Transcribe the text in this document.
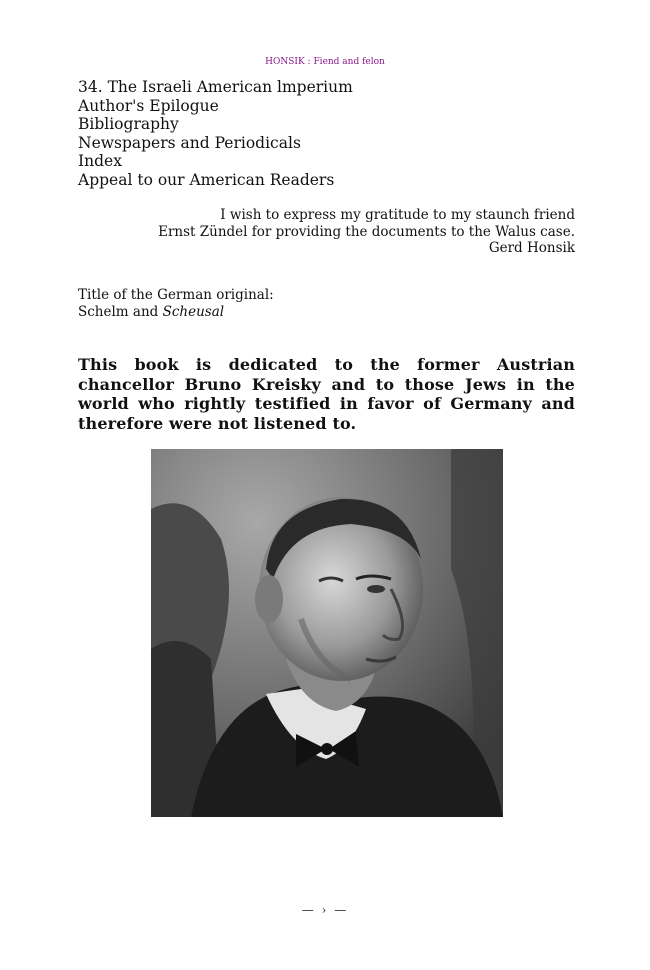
HONSIK : Fiend and felon
34. The Israeli American lmperium
Author's Epilogue
Bibliography
Newspapers and Periodicals
Index
Appeal to our American Readers
I wish to express my gratitude to my staunch friend
Ernst Zündel for providing the documents to the Walus case.
Gerd Honsik
Title of the German original:
Schelm and Scheusal
This book is dedicated to the former Austrian chancellor Bruno Kreisky and to those Jews in the world who rightly testified in favor of Germany and therefore were not listened to.
— › —
